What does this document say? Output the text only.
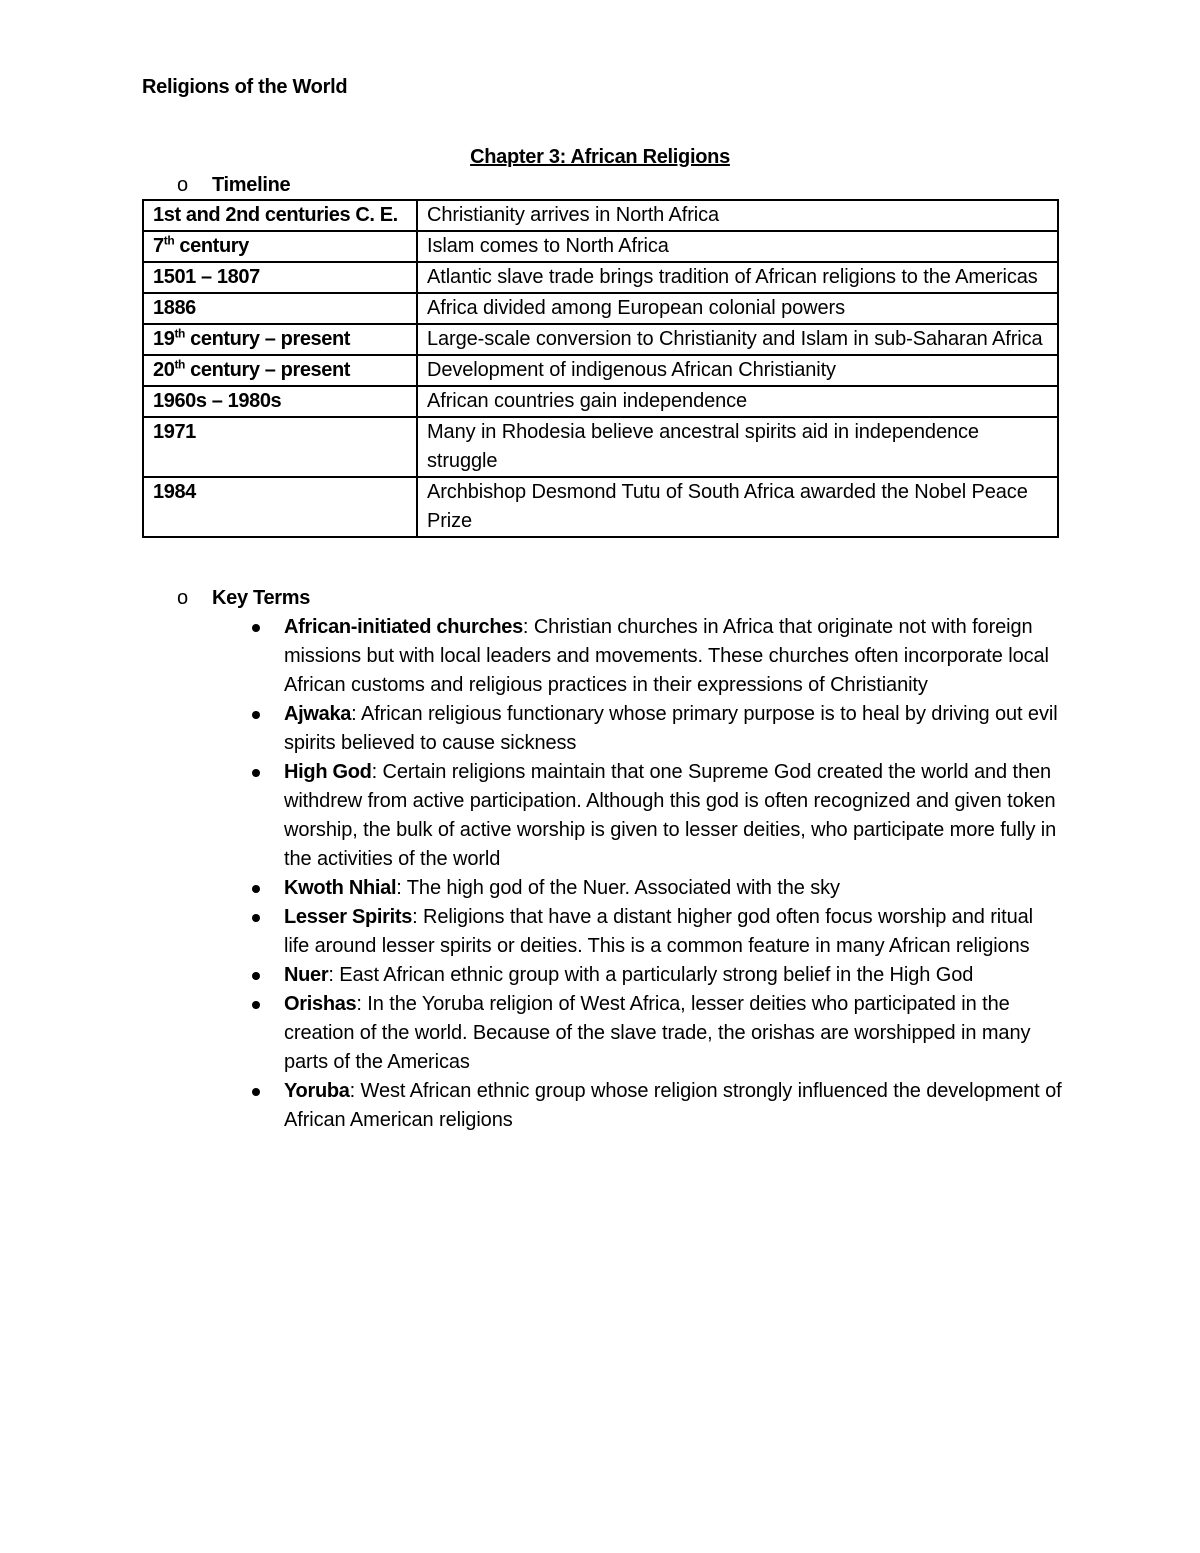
Religions of the World
Chapter 3: African Religions
o Timeline
1st and 2nd centuries C. E.	Christianity arrives in North Africa
7th century	Islam comes to North Africa
1501 – 1807	Atlantic slave trade brings tradition of African religions to the Americas
1886	Africa divided among European colonial powers
19th century – present	Large-scale conversion to Christianity and Islam in sub-Saharan Africa
20th century – present	Development of indigenous African Christianity
1960s – 1980s	African countries gain independence
1971	Many in Rhodesia believe ancestral spirits aid in independence struggle
1984	Archbishop Desmond Tutu of South Africa awarded the Nobel Peace Prize
o Key Terms
African-initiated churches: Christian churches in Africa that originate not with foreign missions but with local leaders and movements. These churches often incorporate local African customs and religious practices in their expressions of Christianity
Ajwaka: African religious functionary whose primary purpose is to heal by driving out evil spirits believed to cause sickness
High God: Certain religions maintain that one Supreme God created the world and then withdrew from active participation. Although this god is often recognized and given token worship, the bulk of active worship is given to lesser deities, who participate more fully in the activities of the world
Kwoth Nhial: The high god of the Nuer. Associated with the sky
Lesser Spirits: Religions that have a distant higher god often focus worship and ritual life around lesser spirits or deities. This is a common feature in many African religions
Nuer: East African ethnic group with a particularly strong belief in the High God
Orishas: In the Yoruba religion of West Africa, lesser deities who participated in the creation of the world. Because of the slave trade, the orishas are worshipped in many parts of the Americas
Yoruba: West African ethnic group whose religion strongly influenced the development of African American religions
